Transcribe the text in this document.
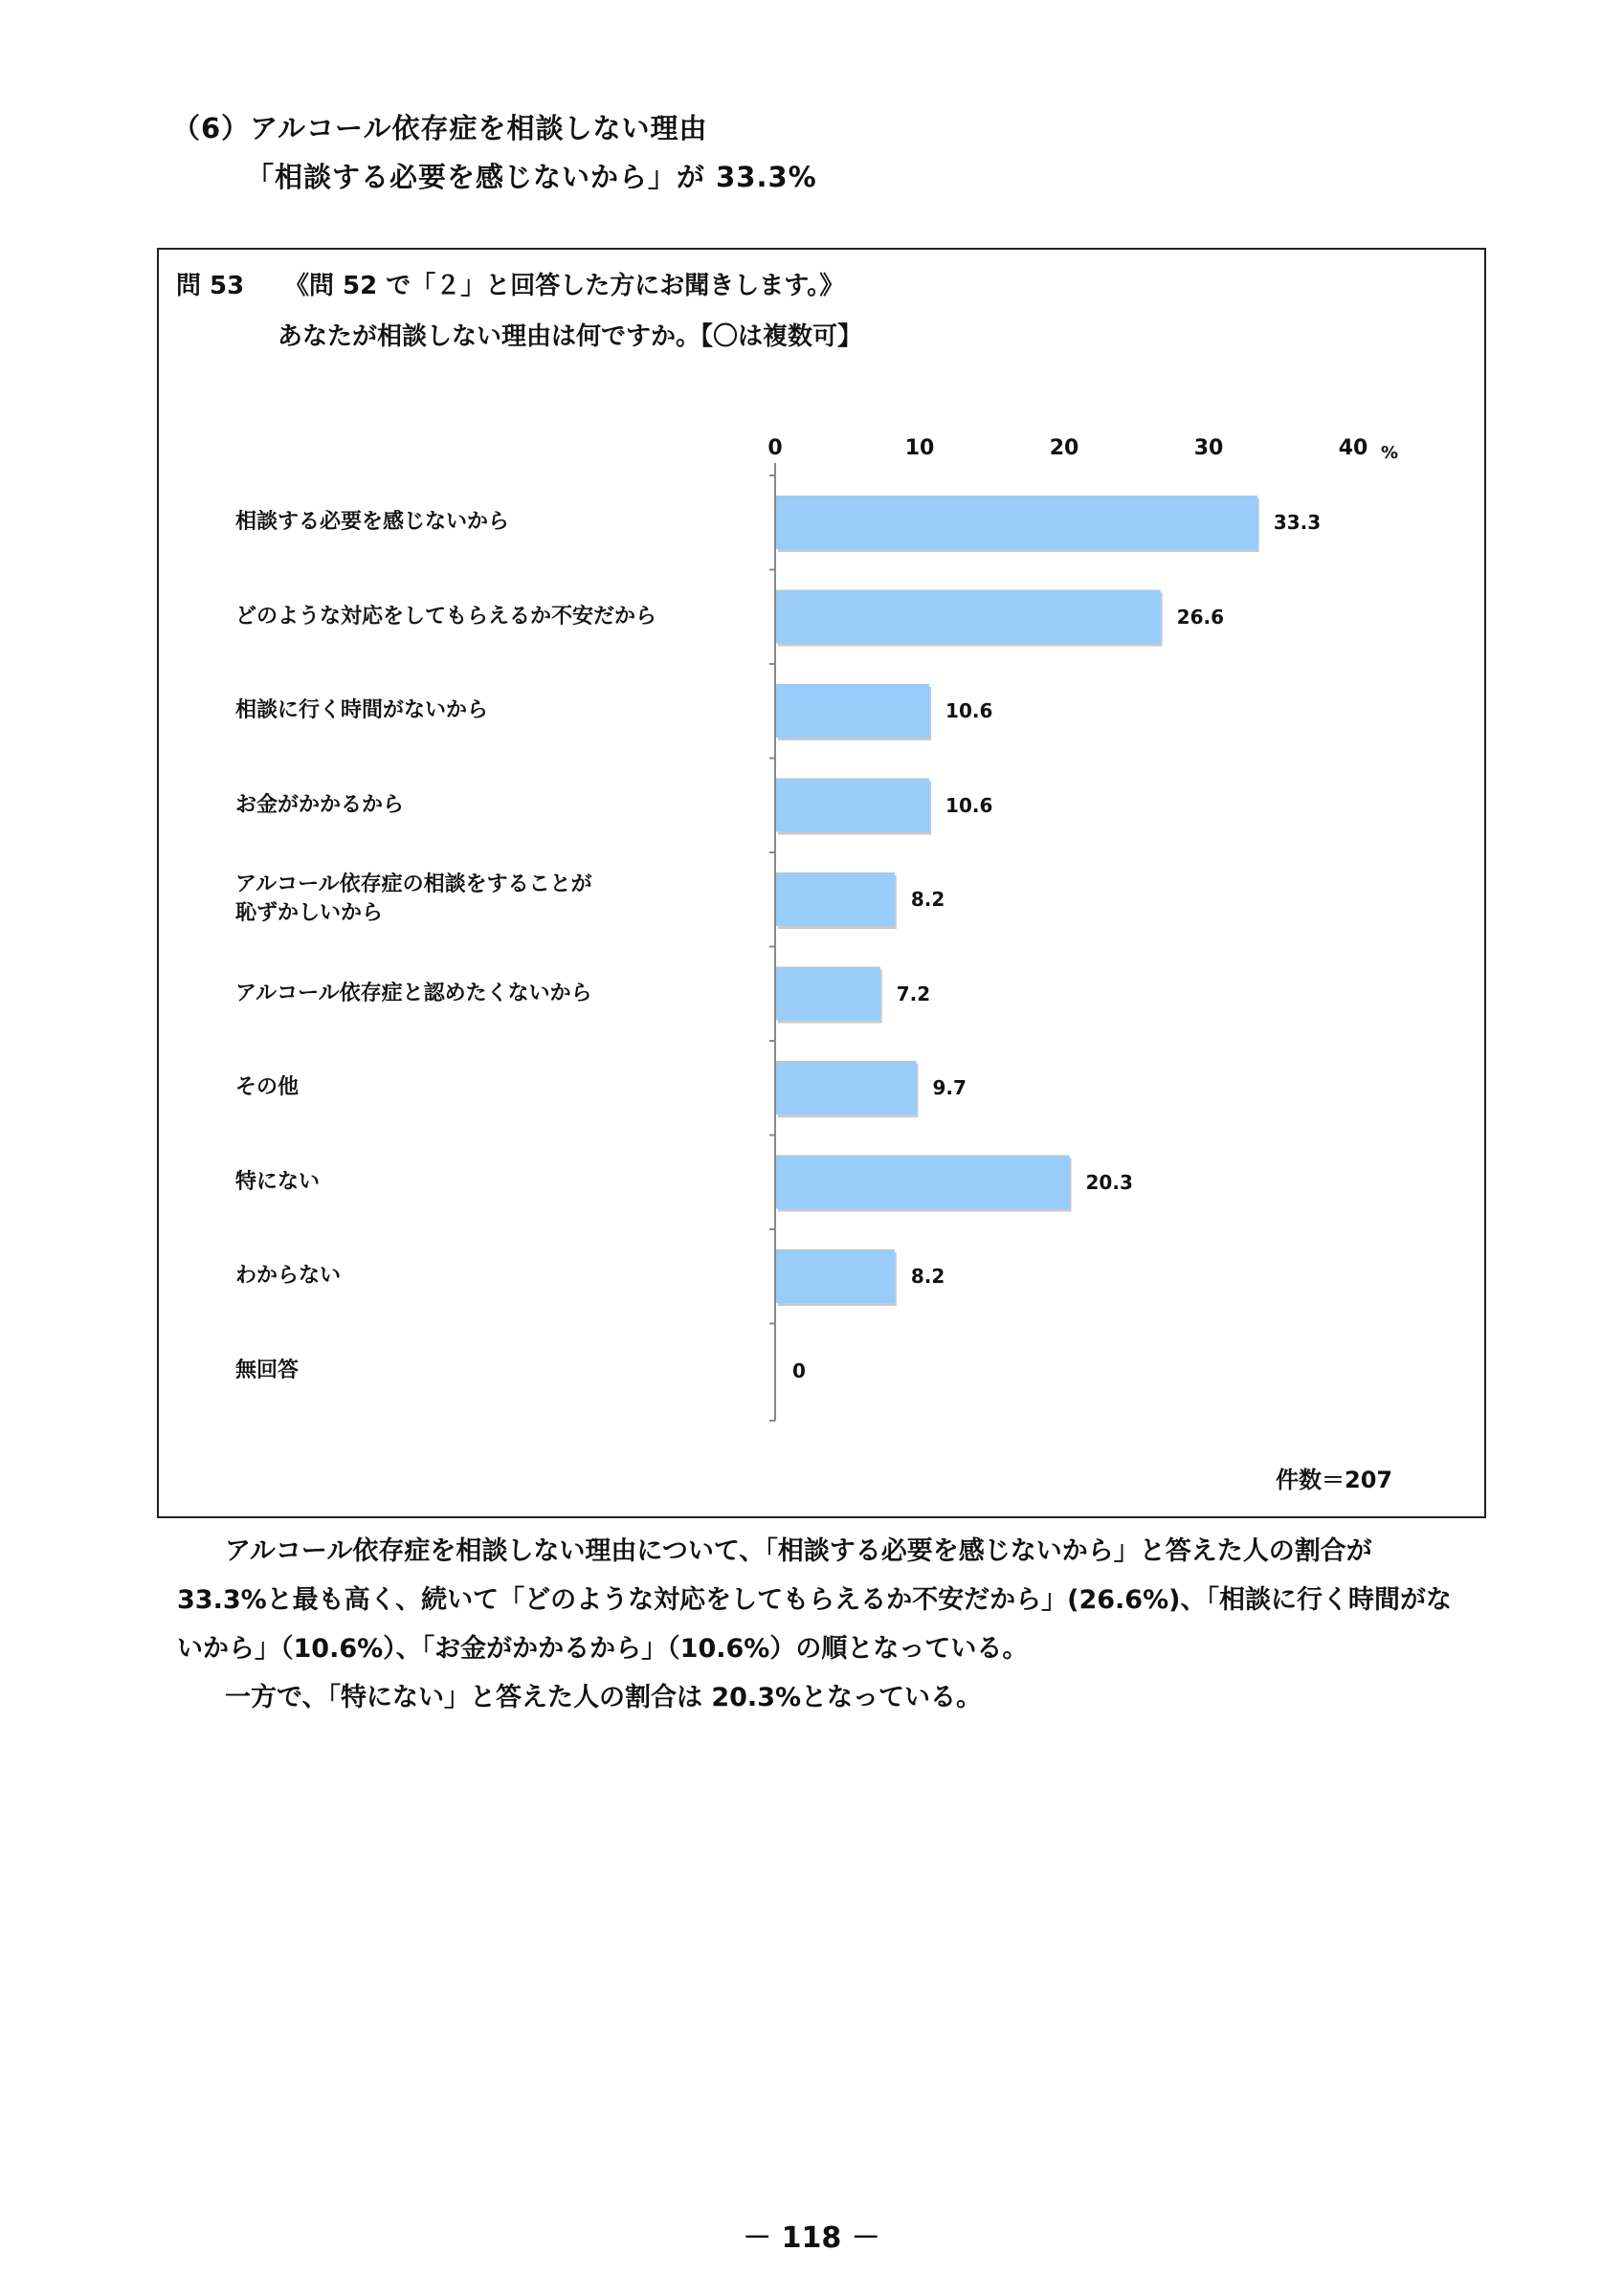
（6）アルコール依存症を相談しない理由
「相談する必要を感じないから」が 33.3%
問 53 《問 52 で「２」と回答した方にお聞きします。》
あなたが相談しない理由は何ですか。【〇は複数可】
0	10	20	30	40 %
相談する必要を感じないから
どのような対応をしてもらえるか不安だから
相談に行く時間がないから
お金がかかるから
アルコール依存症の相談をすることが
恥ずかしいから
アルコール依存症と認めたくないから
その他
特にない
わからない
無回答
33.3
26.6
10.6
10.6
8.2
7.2
9.7
20.3
8.2
0
件数＝207

アルコール依存症を相談しない理由について、「相談する必要を感じないから」と答えた人の割合が 33.3%と最も高く、続いて「どのような対応をしてもらえるか不安だから」(26.6%)、「相談に行く時間がないから」（10.6%）、「お金がかかるから」（10.6%）の順となっている。

一方で、「特にない」と答えた人の割合は 20.3%となっている。

－ 118 －
